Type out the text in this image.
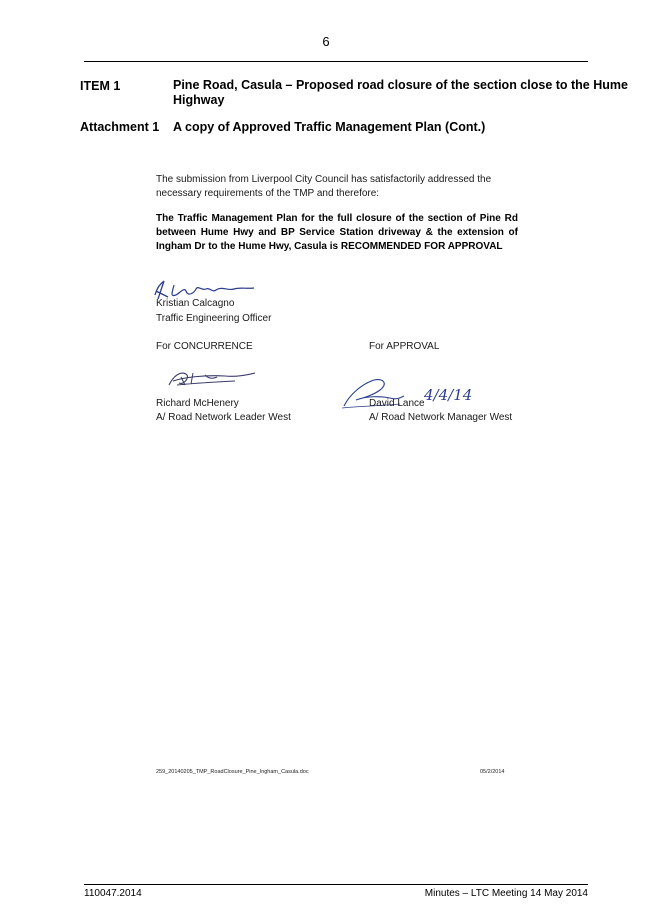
6
ITEM 1	Pine Road, Casula – Proposed road closure of the section close to the Hume Highway
Attachment 1 A copy of Approved Traffic Management Plan (Cont.)
The submission from Liverpool City Council has satisfactorily addressed the necessary requirements of the TMP and therefore:
The Traffic Management Plan for the full closure of the section of Pine Rd between Hume Hwy and BP Service Station driveway & the extension of Ingham Dr to the Hume Hwy, Casula is RECOMMENDED FOR APPROVAL
Kristian Calcagno
Traffic Engineering Officer
For CONCURRENCE	For APPROVAL
Richard McHenery
A/ Road Network Leader West
4/4/14
David Lance
A/ Road Network Manager West
259_20140205_TMP_RoadClosure_Pine_Ingham_Casula.doc	05/2/2014
110047.2014	Minutes – LTC Meeting 14 May 2014
